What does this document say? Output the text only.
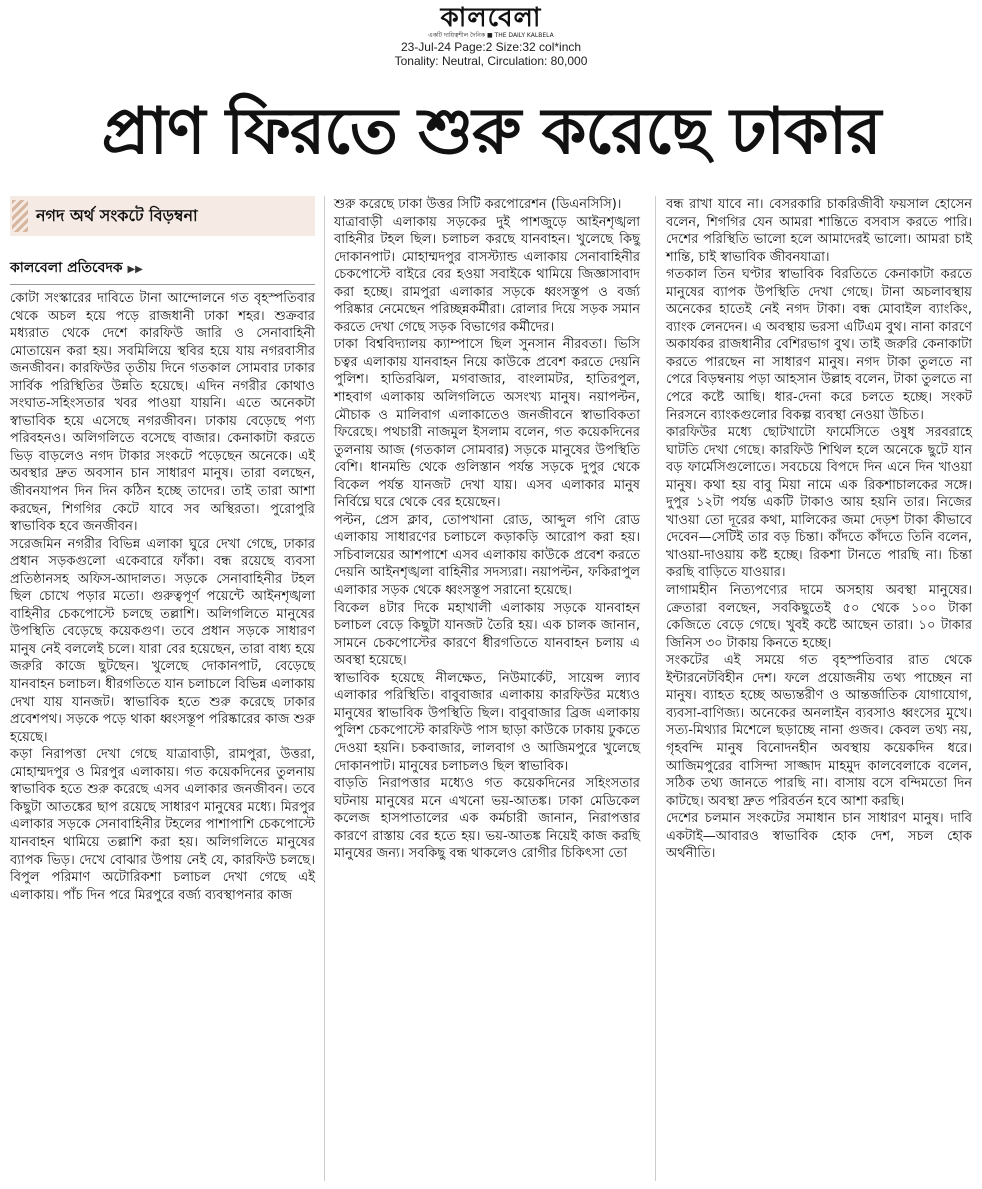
কালবেলা
একটি দায়িত্বশীল দৈনিক ■ THE DAILY KALBELA
23-Jul-24 Page:2 Size:32 col*inch
Tonality: Neutral, Circulation: 80,000
প্রাণ ফিরতে শুরু করেছে ঢাকার
নগদ অর্থ সংকটে বিড়ম্বনা
কালবেলা প্রতিবেদক ▶▶

কোটা সংস্কারের দাবিতে টানা আন্দোলনে গত বৃহস্পতিবার থেকে অচল হয়ে পড়ে রাজধানী ঢাকা শহর। শুক্রবার মধ্যরাত থেকে দেশে কারফিউ জারি ও সেনাবাহিনী মোতায়েন করা হয়। সবমিলিয়ে স্থবির হয়ে যায় নগরবাসীর জনজীবন। কারফিউর তৃতীয় দিনে গতকাল সোমবার ঢাকার সার্বিক পরিস্থিতির উন্নতি হয়েছে। এদিন নগরীর কোথাও সংঘাত-সহিংসতার খবর পাওয়া যায়নি। এতে অনেকটা স্বাভাবিক হয়ে এসেছে নগরজীবন। ঢাকায় বেড়েছে পণ্য পরিবহনও। অলিগলিতে বসেছে বাজার। কেনাকাটা করতে ভিড় বাড়লেও নগদ টাকার সংকটে পড়েছেন অনেকে। এই অবস্থার দ্রুত অবসান চান সাধারণ মানুষ। তারা বলছেন, জীবনযাপন দিন দিন কঠিন হচ্ছে তাদের। তাই তারা আশা করছেন, শিগগির কেটে যাবে সব অস্থিরতা। পুরোপুরি স্বাভাবিক হবে জনজীবন।

সরেজমিন নগরীর বিভিন্ন এলাকা ঘুরে দেখা গেছে, ঢাকার প্রধান সড়কগুলো একেবারে ফাঁকা। বন্ধ রয়েছে ব্যবসা প্রতিষ্ঠানসহ অফিস-আদালত। সড়কে সেনাবাহিনীর টহল ছিল চোখে পড়ার মতো। গুরুত্বপূর্ণ পয়েন্টে আইনশৃঙ্খলা বাহিনীর চেকপোস্টে চলছে তল্লাশি। অলিগলিতে মানুষের উপস্থিতি বেড়েছে কয়েকগুণ। তবে প্রধান সড়কে সাধারণ মানুষ নেই বললেই চলে। যারা বের হয়েছেন, তারা বাধ্য হয়ে জরুরি কাজে ছুটছেন। খুলেছে দোকানপাট, বেড়েছে যানবাহন চলাচল। ধীরগতিতে যান চলাচলে বিভিন্ন এলাকায় দেখা যায় যানজট। স্বাভাবিক হতে শুরু করেছে ঢাকার প্রবেশপথ। সড়কে পড়ে থাকা ধ্বংসস্তূপ পরিষ্কারের কাজ শুরু হয়েছে।

কড়া নিরাপত্তা দেখা গেছে যাত্রাবাড়ী, রামপুরা, উত্তরা, মোহাম্মদপুর ও মিরপুর এলাকায়। গত কয়েকদিনের তুলনায় স্বাভাবিক হতে শুরু করেছে এসব এলাকার জনজীবন। তবে কিছুটা আতঙ্কের ছাপ রয়েছে সাধারণ মানুষের মধ্যে। মিরপুর এলাকার সড়কে সেনাবাহিনীর টহলের পাশাপাশি চেকপোস্টে যানবাহন থামিয়ে তল্লাশি করা হয়। অলিগলিতে মানুষের ব্যাপক ভিড়। দেখে বোঝার উপায় নেই যে, কারফিউ চলছে। বিপুল পরিমাণ অটোরিকশা চলাচল দেখা গেছে এই এলাকায়। পাঁচ দিন পরে মিরপুরে বর্জ্য ব্যবস্থাপনার কাজ

শুরু করেছে ঢাকা উত্তর সিটি করপোরেশন (ডিএনসিসি)।

যাত্রাবাড়ী এলাকায় সড়কের দুই পাশজুড়ে আইনশৃঙ্খলা বাহিনীর টহল ছিল। চলাচল করছে যানবাহন। খুলেছে কিছু দোকানপাট। মোহাম্মদপুর বাসস্ট্যান্ড এলাকায় সেনাবাহিনীর চেকপোস্টে বাইরে বের হওয়া সবাইকে থামিয়ে জিজ্ঞাসাবাদ করা হচ্ছে। রামপুরা এলাকার সড়কে ধ্বংসস্তূপ ও বর্জ্য পরিষ্কার নেমেছেন পরিচ্ছন্নকর্মীরা। রোলার দিয়ে সড়ক সমান করতে দেখা গেছে সড়ক বিভাগের কর্মীদের।

ঢাকা বিশ্ববিদ্যালয় ক্যাম্পাসে ছিল সুনসান নীরবতা। ভিসি চত্বর এলাকায় যানবাহন নিয়ে কাউকে প্রবেশ করতে দেয়নি পুলিশ। হাতিরঝিল, মগবাজার, বাংলামটর, হাতিরপুল, শাহবাগ এলাকায় অলিগলিতে অসংখ্য মানুষ। নয়াপল্টন, মৌচাক ও মালিবাগ এলাকাতেও জনজীবনে স্বাভাবিকতা ফিরেছে। পথচারী নাজমুল ইসলাম বলেন, গত কয়েকদিনের তুলনায় আজ (গতকাল সোমবার) সড়কে মানুষের উপস্থিতি বেশি। ধানমন্ডি থেকে গুলিস্তান পর্যন্ত সড়কে দুপুর থেকে বিকেল পর্যন্ত যানজট দেখা যায়। এসব এলাকার মানুষ নির্বিঘ্নে ঘরে থেকে বের হয়েছেন।

পল্টন, প্রেস ক্লাব, তোপখানা রোড, আব্দুল গণি রোড এলাকায় সাধারণের চলাচলে কড়াকড়ি আরোপ করা হয়। সচিবালয়ের আশপাশে এসব এলাকায় কাউকে প্রবেশ করতে দেয়নি আইনশৃঙ্খলা বাহিনীর সদস্যরা। নয়াপল্টন, ফকিরাপুল এলাকার সড়ক থেকে ধ্বংসস্তূপ সরানো হয়েছে।

বিকেল ৪টার দিকে মহাখালী এলাকায় সড়কে যানবাহন চলাচল বেড়ে কিছুটা যানজট তৈরি হয়। এক চালক জানান, সামনে চেকপোস্টের কারণে ধীরগতিতে যানবাহন চলায় এ অবস্থা হয়েছে।

স্বাভাবিক হয়েছে নীলক্ষেত, নিউমার্কেট, সায়েন্স ল্যাব এলাকার পরিস্থিতি। বাবুবাজার এলাকায় কারফিউর মধ্যেও মানুষের স্বাভাবিক উপস্থিতি ছিল। বাবুবাজার ব্রিজ এলাকায় পুলিশ চেকপোস্টে কারফিউ পাস ছাড়া কাউকে ঢাকায় ঢুকতে দেওয়া হয়নি। চকবাজার, লালবাগ ও আজিমপুরে খুলেছে দোকানপাট। মানুষের চলাচলও ছিল স্বাভাবিক।

বাড়তি নিরাপত্তার মধ্যেও গত কয়েকদিনের সহিংসতার ঘটনায় মানুষের মনে এখনো ভয়-আতঙ্ক। ঢাকা মেডিকেল কলেজ হাসপাতালের এক কর্মচারী জানান, নিরাপত্তার কারণে রাস্তায় বের হতে হয়। ভয়-আতঙ্ক নিয়েই কাজ করছি মানুষের জন্য। সবকিছু বন্ধ থাকলেও রোগীর চিকিৎসা তো

বন্ধ রাখা যাবে না। বেসরকারি চাকরিজীবী ফয়সাল হোসেন বলেন, শিগগির যেন আমরা শান্তিতে বসবাস করতে পারি। দেশের পরিস্থিতি ভালো হলে আমাদেরই ভালো। আমরা চাই শান্তি, চাই স্বাভাবিক জীবনযাত্রা।

গতকাল তিন ঘণ্টার স্বাভাবিক বিরতিতে কেনাকাটা করতে মানুষের ব্যাপক উপস্থিতি দেখা গেছে। টানা অচলাবস্থায় অনেকের হাতেই নেই নগদ টাকা। বন্ধ মোবাইল ব্যাংকিং, ব্যাংক লেনদেন। এ অবস্থায় ভরসা এটিএম বুথ। নানা কারণে অকার্যকর রাজধানীর বেশিরভাগ বুথ। তাই জরুরি কেনাকাটা করতে পারছেন না সাধারণ মানুষ। নগদ টাকা তুলতে না পেরে বিড়ম্বনায় পড়া আহসান উল্লাহ বলেন, টাকা তুলতে না পেরে কষ্টে আছি। ধার-দেনা করে চলতে হচ্ছে। সংকট নিরসনে ব্যাংকগুলোর বিকল্প ব্যবস্থা নেওয়া উচিত।

কারফিউর মধ্যে ছোটখাটো ফার্মেসিতে ওষুধ সরবরাহে ঘাটতি দেখা গেছে। কারফিউ শিথিল হলে অনেকে ছুটে যান বড় ফার্মেসিগুলোতে। সবচেয়ে বিপদে দিন এনে দিন খাওয়া মানুষ। কথা হয় বাবু মিয়া নামে এক রিকশাচালকের সঙ্গে। দুপুর ১২টা পর্যন্ত একটি টাকাও আয় হয়নি তার। নিজের খাওয়া তো দূরের কথা, মালিকের জমা দেড়শ টাকা কীভাবে দেবেন—সেটিই তার বড় চিন্তা। কাঁদতে কাঁদতে তিনি বলেন, খাওয়া-দাওয়ায় কষ্ট হচ্ছে। রিকশা টানতে পারছি না। চিন্তা করছি বাড়িতে যাওয়ার।

লাগামহীন নিত্যপণ্যের দামে অসহায় অবস্থা মানুষের। ক্রেতারা বলছেন, সবকিছুতেই ৫০ থেকে ১০০ টাকা কেজিতে বেড়ে গেছে। খুবই কষ্টে আছেন তারা। ১০ টাকার জিনিস ৩০ টাকায় কিনতে হচ্ছে।

সংকটের এই সময়ে গত বৃহস্পতিবার রাত থেকে ইন্টারনেটবিহীন দেশ। ফলে প্রয়োজনীয় তথ্য পাচ্ছেন না মানুষ। ব্যাহত হচ্ছে অভ্যন্তরীণ ও আন্তর্জাতিক যোগাযোগ, ব্যবসা-বাণিজ্য। অনেকের অনলাইন ব্যবসাও ধ্বংসের মুখে। সত্য-মিথ্যার মিশেলে ছড়াচ্ছে নানা গুজব। কেবল তথ্য নয়, গৃহবন্দি মানুষ বিনোদনহীন অবস্থায় কয়েকদিন ধরে। আজিমপুরের বাসিন্দা সাজ্জাদ মাহমুদ কালবেলাকে বলেন, সঠিক তথ্য জানতে পারছি না। বাসায় বসে বন্দিমতো দিন কাটছে। অবস্থা দ্রুত পরিবর্তন হবে আশা করছি।

দেশের চলমান সংকটের সমাধান চান সাধারণ মানুষ। দাবি একটাই—আবারও স্বাভাবিক হোক দেশ, সচল হোক অর্থনীতি।
